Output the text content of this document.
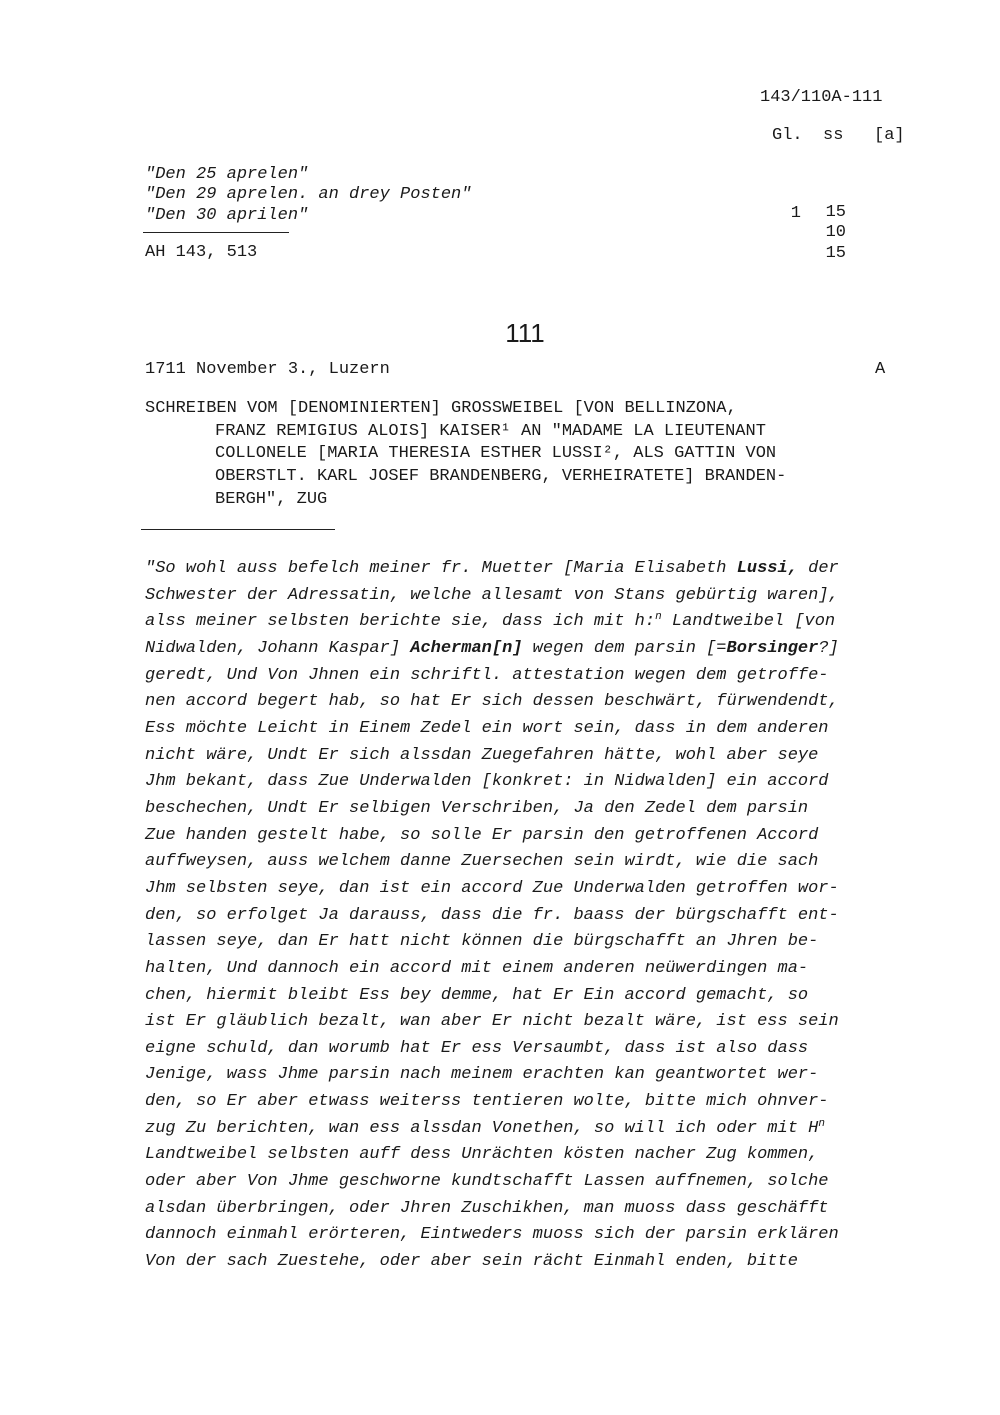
143/110A-111
Gl.  ss   [a]

"Den 25 aprelen"

15

"Den 29 aprelen. an drey Posten"

1

10

"Den 30 aprilen"

15

AH 143, 513
111
1711 November 3., Luzern	A
SCHREIBEN VOM [DENOMINIERTEN] GROSSWEIBEL [VON BELLINZONA,
FRANZ REMIGIUS ALOIS] KAISER¹ AN "MADAME LA LIEUTENANT
COLLONELE [MARIA THERESIA ESTHER LUSSI², ALS GATTIN VON
OBERSTLT. KARL JOSEF BRANDENBERG, VERHEIRATETE] BRANDEN-
BERGH", ZUG
"So wohl auss befelch meiner fr. Muetter [Maria Elisabeth Lussi, der
Schwester der Adressatin, welche allesamt von Stans gebürtig waren],
alss meiner selbsten berichte sie, dass ich mit h:$^n$ Landtweibel [von
Nidwalden, Johann Kaspar] Acherman[n] wegen dem parsin [=Borsinger?]
geredt, Und Von Jhnen ein schriftl. attestation wegen dem getroffe-
nen accord begert hab, so hat Er sich dessen beschwärt, fürwendendt,
Ess möchte Leicht in Einem Zedel ein wort sein, dass in dem anderen
nicht wäre, Undt Er sich alssdan Zuegefahren hätte, wohl aber seye
Jhm bekant, dass Zue Underwalden [konkret: in Nidwalden] ein accord
beschechen, Undt Er selbigen Verschriben, Ja den Zedel dem parsin
Zue handen gestelt habe, so solle Er parsin den getroffenen Accord
auffweysen, auss welchem danne Zuersechen sein wirdt, wie die sach
Jhm selbsten seye, dan ist ein accord Zue Underwalden getroffen wor-
den, so erfolget Ja darauss, dass die fr. baass der bürgschafft ent-
lassen seye, dan Er hatt nicht können die bürgschafft an Jhren be-
halten, Und dannoch ein accord mit einem anderen neüwerdingen ma-
chen, hiermit bleibt Ess bey demme, hat Er Ein accord gemacht, so
ist Er gläublich bezalt, wan aber Er nicht bezalt wäre, ist ess sein
eigne schuld, dan worumb hat Er ess Versaumbt, dass ist also dass
Jenige, wass Jhme parsin nach meinem erachten kan geantwortet wer-
den, so Er aber etwass weiterss tentieren wolte, bitte mich ohnver-
zug Zu berichten, wan ess alssdan Vonethen, so will ich oder mit $H^n$
Landtweibel selbsten auff dess Unrächten kösten nacher Zug kommen,
oder aber Von Jhme geschworne kundtschafft Lassen auffnemen, solche
alsdan überbringen, oder Jhren Zuschikhen, man muoss dass geschäfft
dannoch einmahl erörteren, Eintweders muoss sich der parsin erklären
Von der sach Zuestehe, oder aber sein rächt Einmahl enden, bitte
